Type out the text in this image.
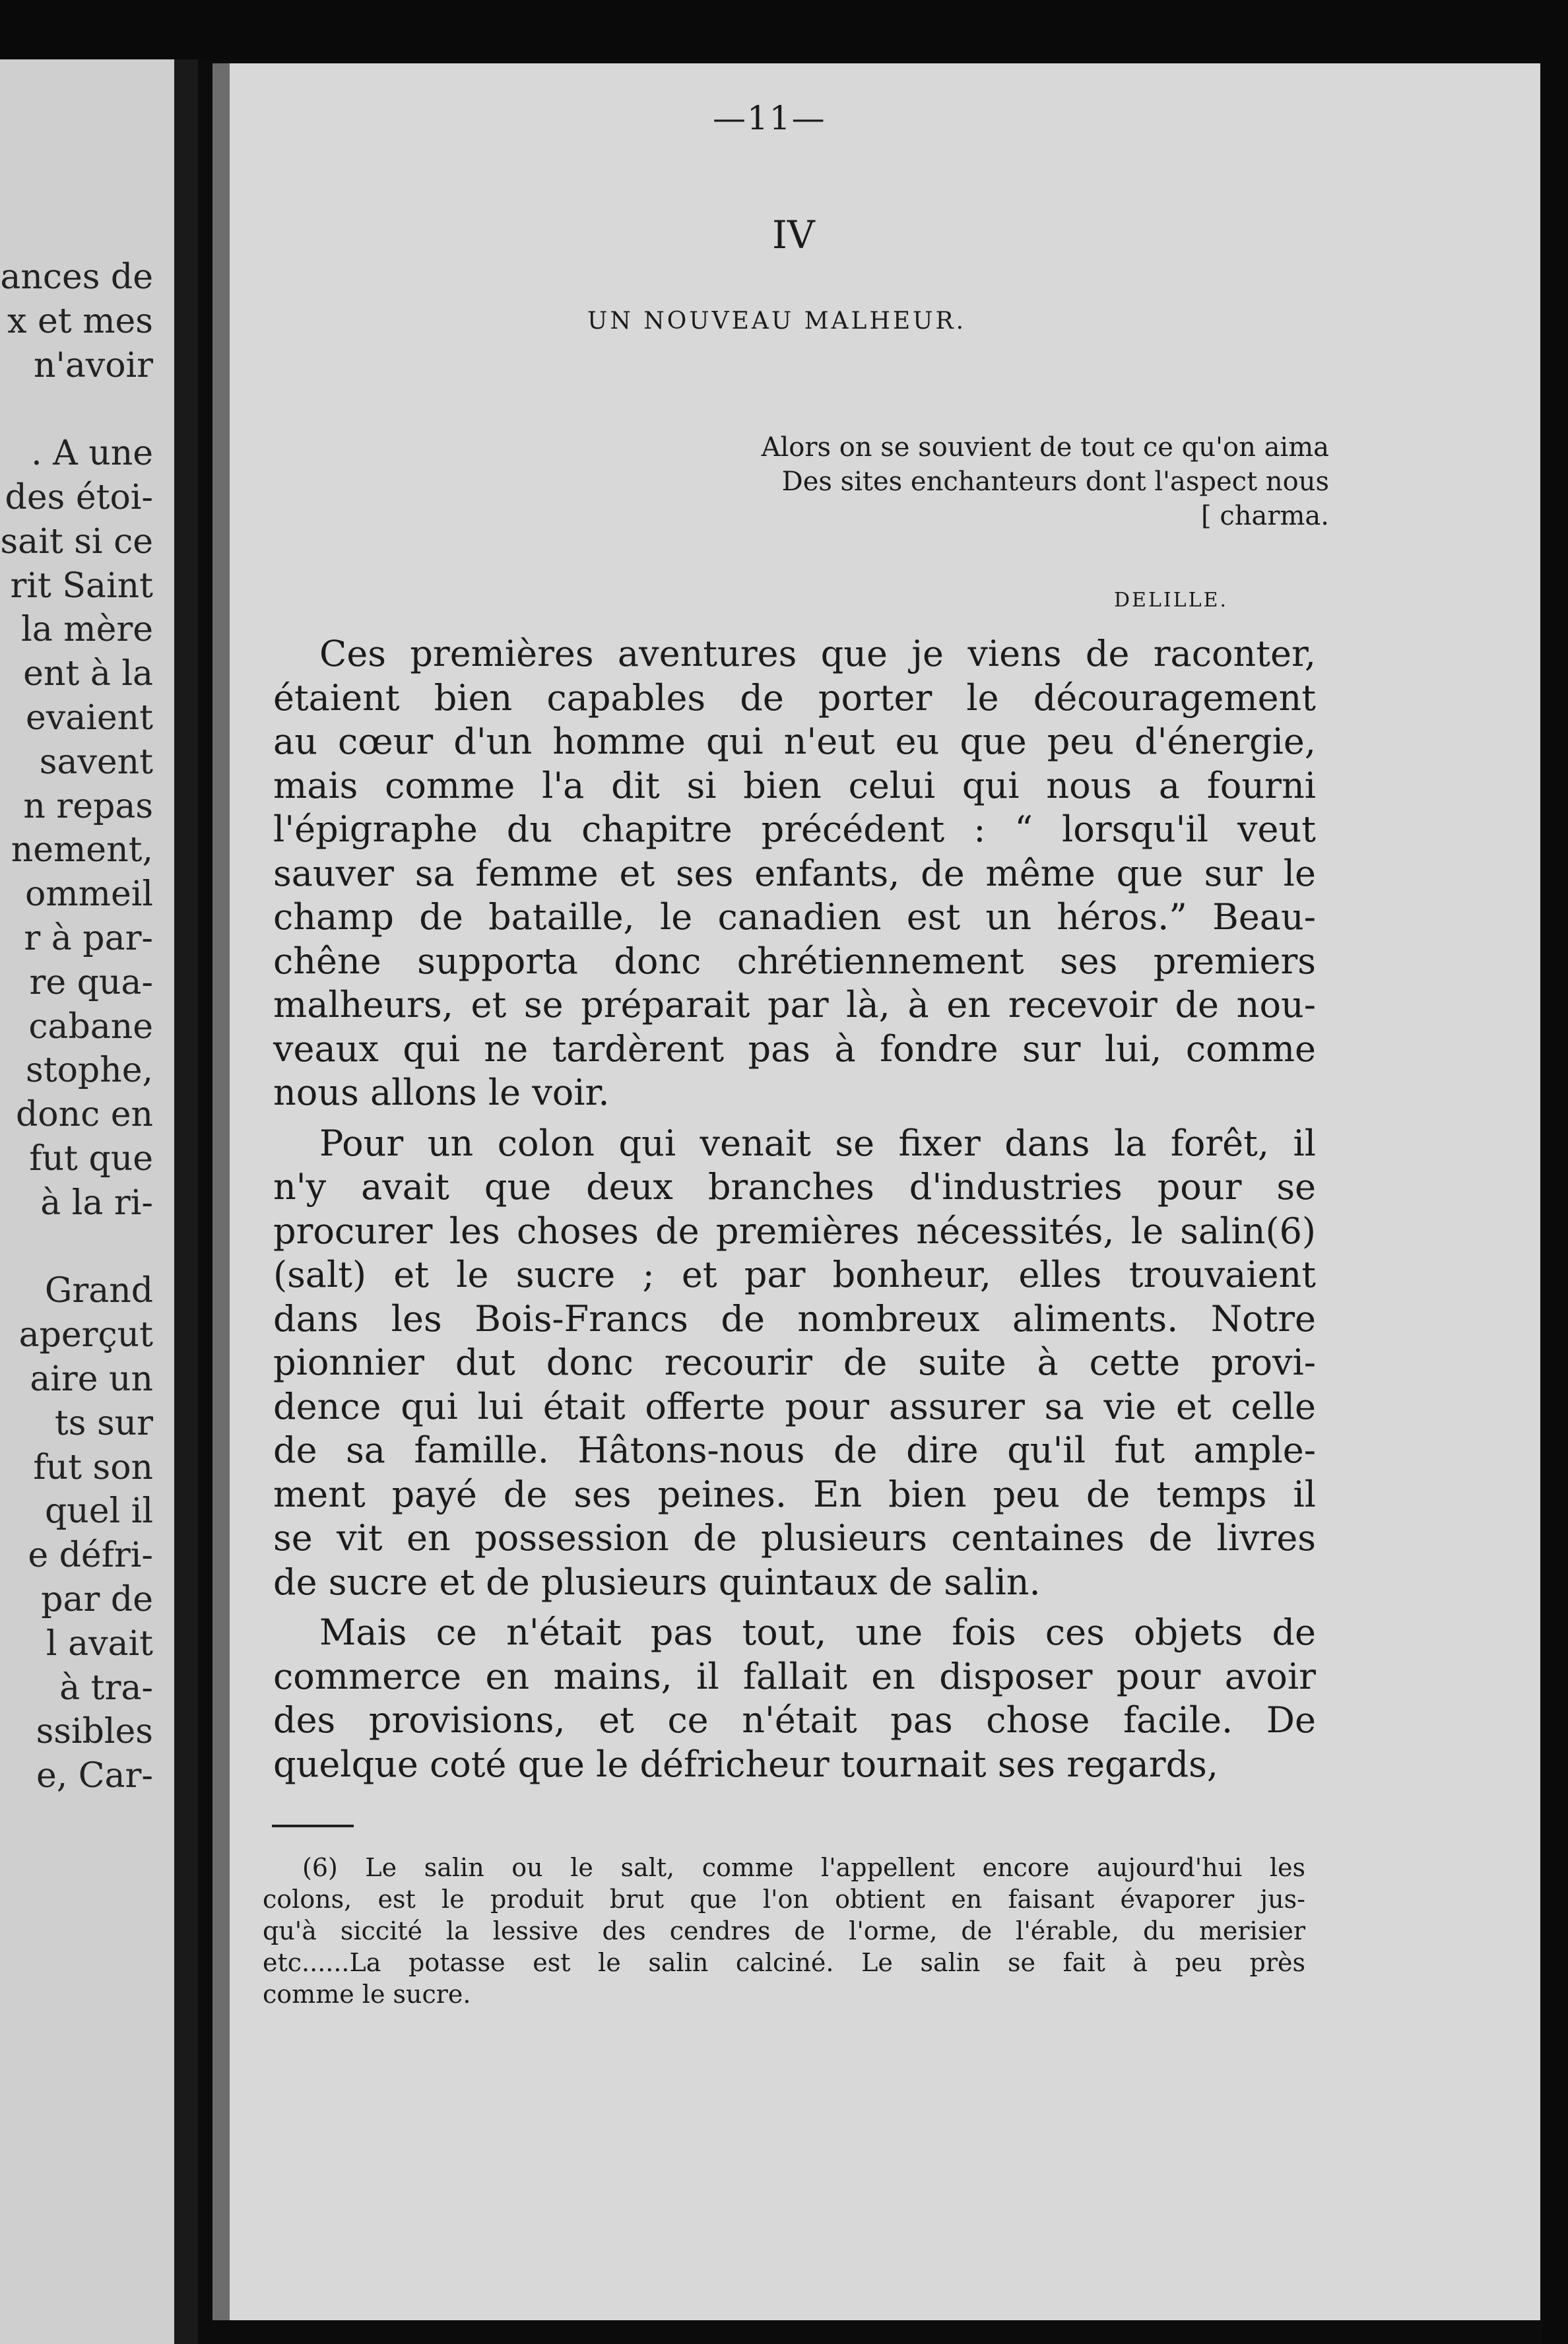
ances de
x et mes
n'avoir
. A une
des étoi-
sait si ce
rit Saint
la mère
ent à la
evaient
savent
n repas
nement,
ommeil
r à par-
re qua-
cabane
stophe,
donc en
fut que
à la ri-
Grand
aperçut
aire un
ts sur
fut son
quel il
e défri-
par de
l avait
à tra-
ssibles
e, Car-
—11—
IV
UN NOUVEAU MALHEUR.
Alors on se souvient de tout ce qu'on aima
Des sites enchanteurs dont l'aspect nous
[ charma.
DELILLE.
Ces premières aventures que je viens de raconter,
étaient bien capables de porter le découragement
au cœur d'un homme qui n'eut eu que peu d'énergie,
mais comme l'a dit si bien celui qui nous a fourni
l'épigraphe du chapitre précédent : “ lorsqu'il veut
sauver sa femme et ses enfants, de même que sur le
champ de bataille, le canadien est un héros.” Beau-
chêne supporta donc chrétiennement ses premiers
malheurs, et se préparait par là, à en recevoir de nou-
veaux qui ne tardèrent pas à fondre sur lui, comme
nous allons le voir.
Pour un colon qui venait se fixer dans la forêt, il
n'y avait que deux branches d'industries pour se
procurer les choses de premières nécessités, le salin(6)
(salt) et le sucre ; et par bonheur, elles trouvaient
dans les Bois-Francs de nombreux aliments. Notre
pionnier dut donc recourir de suite à cette provi-
dence qui lui était offerte pour assurer sa vie et celle
de sa famille. Hâtons-nous de dire qu'il fut ample-
ment payé de ses peines. En bien peu de temps il
se vit en possession de plusieurs centaines de livres
de sucre et de plusieurs quintaux de salin.
Mais ce n'était pas tout, une fois ces objets de
commerce en mains, il fallait en disposer pour avoir
des provisions, et ce n'était pas chose facile. De
quelque coté que le défricheur tournait ses regards,
(6) Le salin ou le salt, comme l'appellent encore aujourd'hui les
colons, est le produit brut que l'on obtient en faisant évaporer jus-
qu'à siccité la lessive des cendres de l'orme, de l'érable, du merisier
etc......La potasse est le salin calciné. Le salin se fait à peu près
comme le sucre.
